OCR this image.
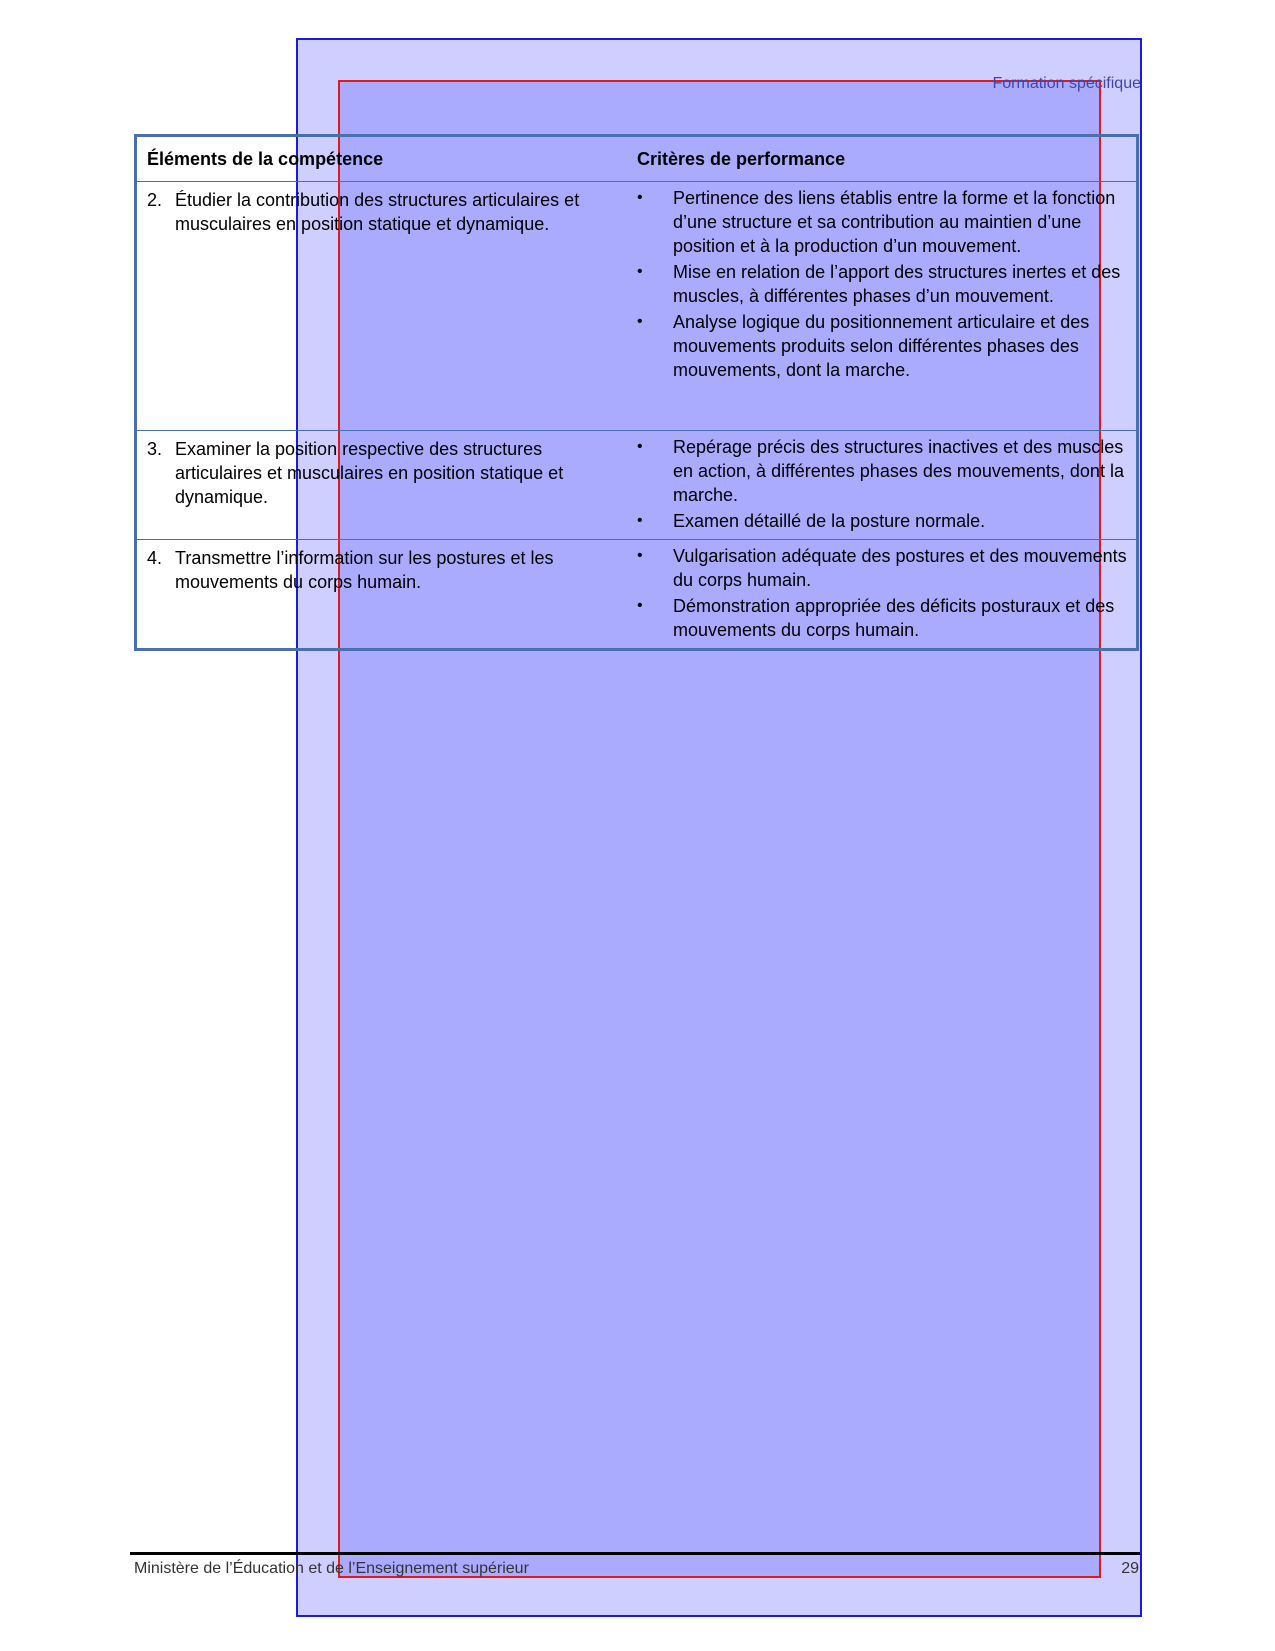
Formation spécifique
Éléments de la compétence	Critères de performance
2. Étudier la contribution des structures articulaires et musculaires en position statique et dynamique.
•	Pertinence des liens établis entre la forme et la fonction d’une structure et sa contribution au maintien d’une position et à la production d’un mouvement.
•	Mise en relation de l’apport des structures inertes et des muscles, à différentes phases d’un mouvement.
•	Analyse logique du positionnement articulaire et des mouvements produits selon différentes phases des mouvements, dont la marche.
3. Examiner la position respective des structures articulaires et musculaires en position statique et dynamique.
•	Repérage précis des structures inactives et des muscles en action, à différentes phases des mouvements, dont la marche.
•	Examen détaillé de la posture normale.
4. Transmettre l’information sur les postures et les mouvements du corps humain.
•	Vulgarisation adéquate des postures et des mouvements du corps humain.
•	Démonstration appropriée des déficits posturaux et des mouvements du corps humain.
Ministère de l’Éducation et de l’Enseignement supérieur	29
